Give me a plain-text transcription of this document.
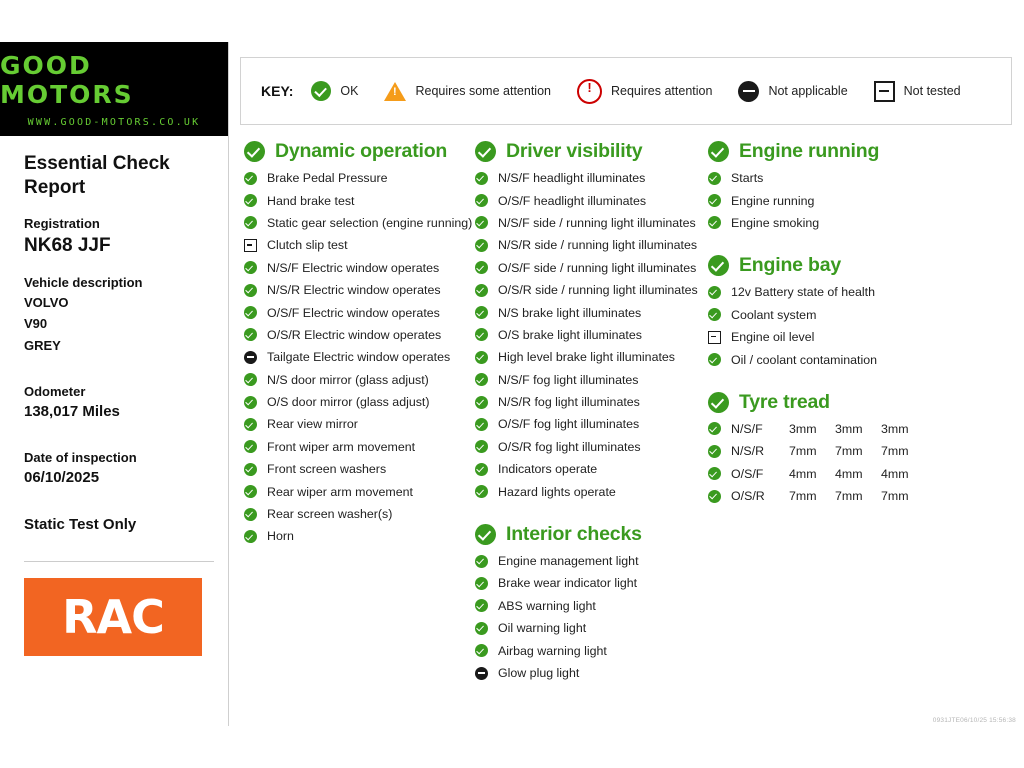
GOOD MOTORS
WWW.GOOD-MOTORS.CO.UK
Essential Check Report
Registration
NK68 JJF
Vehicle description
VOLVO
V90
GREY
Odometer
138,017 Miles
Date of inspection
06/10/2025
Static Test Only
RAC
KEY:	OK !	Requires some attention !	Requires attention	Not applicable	Not tested
Dynamic operation
Brake Pedal Pressure
Hand brake test
Static gear selection (engine running)
Clutch slip test
N/S/F Electric window operates
N/S/R Electric window operates
O/S/F Electric window operates
O/S/R Electric window operates
Tailgate Electric window operates
N/S door mirror (glass adjust)
O/S door mirror (glass adjust)
Rear view mirror
Front wiper arm movement
Front screen washers
Rear wiper arm movement
Rear screen washer(s)
Horn
Driver visibility
N/S/F headlight illuminates
O/S/F headlight illuminates
N/S/F side / running light illuminates
N/S/R side / running light illuminates
O/S/F side / running light illuminates
O/S/R side / running light illuminates
N/S brake light illuminates
O/S brake light illuminates
High level brake light illuminates
N/S/F fog light illuminates
N/S/R fog light illuminates
O/S/F fog light illuminates
O/S/R fog light illuminates
Indicators operate
Hazard lights operate
Interior checks
Engine management light
Brake wear indicator light
ABS warning light
Oil warning light
Airbag warning light
Glow plug light
Engine running
Starts
Engine running
Engine smoking
Engine bay
12v Battery state of health
Coolant system
Engine oil level
Oil / coolant contamination
Tyre tread
N/S/F	3mm	3mm	3mm
N/S/R	7mm	7mm	7mm
O/S/F	4mm	4mm	4mm
O/S/R	7mm	7mm	7mm
0931JTE06/10/25 15:56:38
